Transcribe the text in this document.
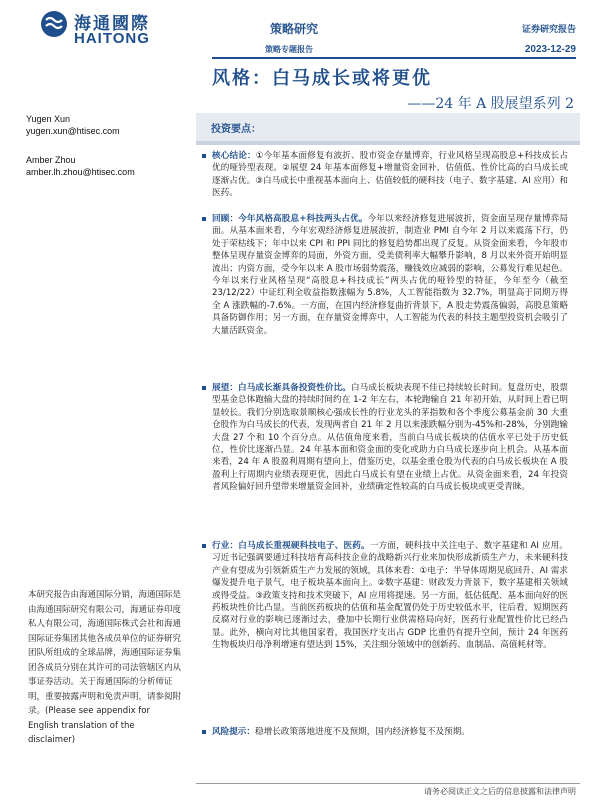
海通國際
HAITONG
策略研究
策略专题报告
证券研究报告
2023-12-29
风格：白马成长或将更优
——24 年 A 股展望系列 2
Yugen Xun
yugen.xun@htisec.com
Amber Zhou
amber.lh.zhou@htisec.com
投资要点：
核心结论：①今年基本面修复有波折、股市资金存量博弈，行业风格呈现高股息+科技成长占优的哑铃型表现。②展望 24 年基本面修复+增量资金回补，估值低、性价比高的白马成长或逐渐占优。③白马成长中重视基本面向上、估值较低的硬科技（电子、数字基建、AI 应用）和医药。
回顾：今年风格高股息+科技两头占优。今年以来经济修复进展波折，资金面呈现存量博弈局面。从基本面来看，今年宏观经济修复进展波折，制造业 PMI 自今年 2 月以来震荡下行，仍处于荣枯线下；年中以来 CPI 和 PPI 同比的修复趋势都出现了反复。从资金面来看，今年股市整体呈现存量资金博弈的局面，外资方面，受美债利率大幅攀升影响，8 月以来外资开始明显流出；内资方面，受今年以来 A 股市场弱势震荡，赚钱效应减弱的影响，公募发行难见起色。今年以来行业风格呈现“高股息+科技成长”两头占优的哑铃型的特征，今年至今（截至 23/12/22）中证红利全收益指数涨幅为 5.8%，人工智能指数为 32.7%，明显高于同期万得全 A 涨跌幅的-7.6%。一方面，在国内经济修复曲折背景下，A 股走势震荡偏弱，高股息策略具备防御作用；另一方面，在存量资金博弈中，人工智能为代表的科技主题型投资机会吸引了大量活跃资金。
展望：白马成长渐具备投资性价比。白马成长板块表现不佳已持续较长时间。复盘历史，股票型基金总体跑输大盘的持续时间约在 1-2 年左右，本轮跑输自 21 年初开始，从时间上看已明显较长。我们分别选取景顺核心强成长性的行业龙头的茅指数和各个季度公募基金前 30 大重仓股作为白马成长的代表，发现两者自 21 年 2 月以来涨跌幅分别为-45%和-28%，分别跑输大盘 27 个和 10 个百分点。从估值角度来看，当前白马成长板块的估值水平已处于历史低位，性价比逐渐凸显。24 年基本面和资金面的变化或助力白马成长逐步向上机会。从基本面来看，24 年 A 股盈利周期有望向上，借鉴历史，以基金重仓股为代表的白马成长板块在 A 股盈利上行周期内业绩表现更优，因此白马成长有望在业绩上占优。从资金面来看，24 年投资者风险偏好回升望带来增量资金回补，业绩确定性较高的白马成长板块或更受青睐。
行业：白马成长重视硬科技电子、医药。一方面，硬科技中关注电子、数字基建和 AI 应用。习近书记强调要通过科技培育高科技企业的战略新兴行业来加快形成新质生产力，未来硬科技产业有望成为引领新质生产力发展的领域，具体来看：①电子：半导体周期见底回升、AI 需求爆发提升电子景气，电子板块基本面向上。②数字基建：财政发力背景下，数字基建相关领域或得受益。③政策支持和技术突破下，AI 应用将提速。另一方面，低估低配、基本面向好的医药板块性价比凸显。当前医药板块的估值和基金配置仍处于历史较低水平，往后看，短期医药反腐对行业的影响已逐渐过去，叠加中长期行业供需格局向好，医药行业配置性价比已经凸显。此外，横向对比其他国家看，我国医疗支出占 GDP 比重仍有提升空间，预计 24 年医药生物板块归母净利增速有望达到 15%，关注细分领域中的创新药、血制品、高值耗材等。
风险提示：稳增长政策落地进度不及预期，国内经济修复不及预期。
本研究报告由海通国际分销，海通国际是由海通国际研究有限公司，海通证券印度私人有限公司，海通国际株式会社和海通国际证券集团其他各成员单位的证券研究团队所组成的全球品牌，海通国际证券集团各成员分别在其许可的司法管辖区内从事证券活动。关于海通国际的分析师证明，重要披露声明和免责声明，请参阅附录。(Please see appendix for English translation of the disclaimer)
请务必阅读正文之后的信息披露和法律声明
